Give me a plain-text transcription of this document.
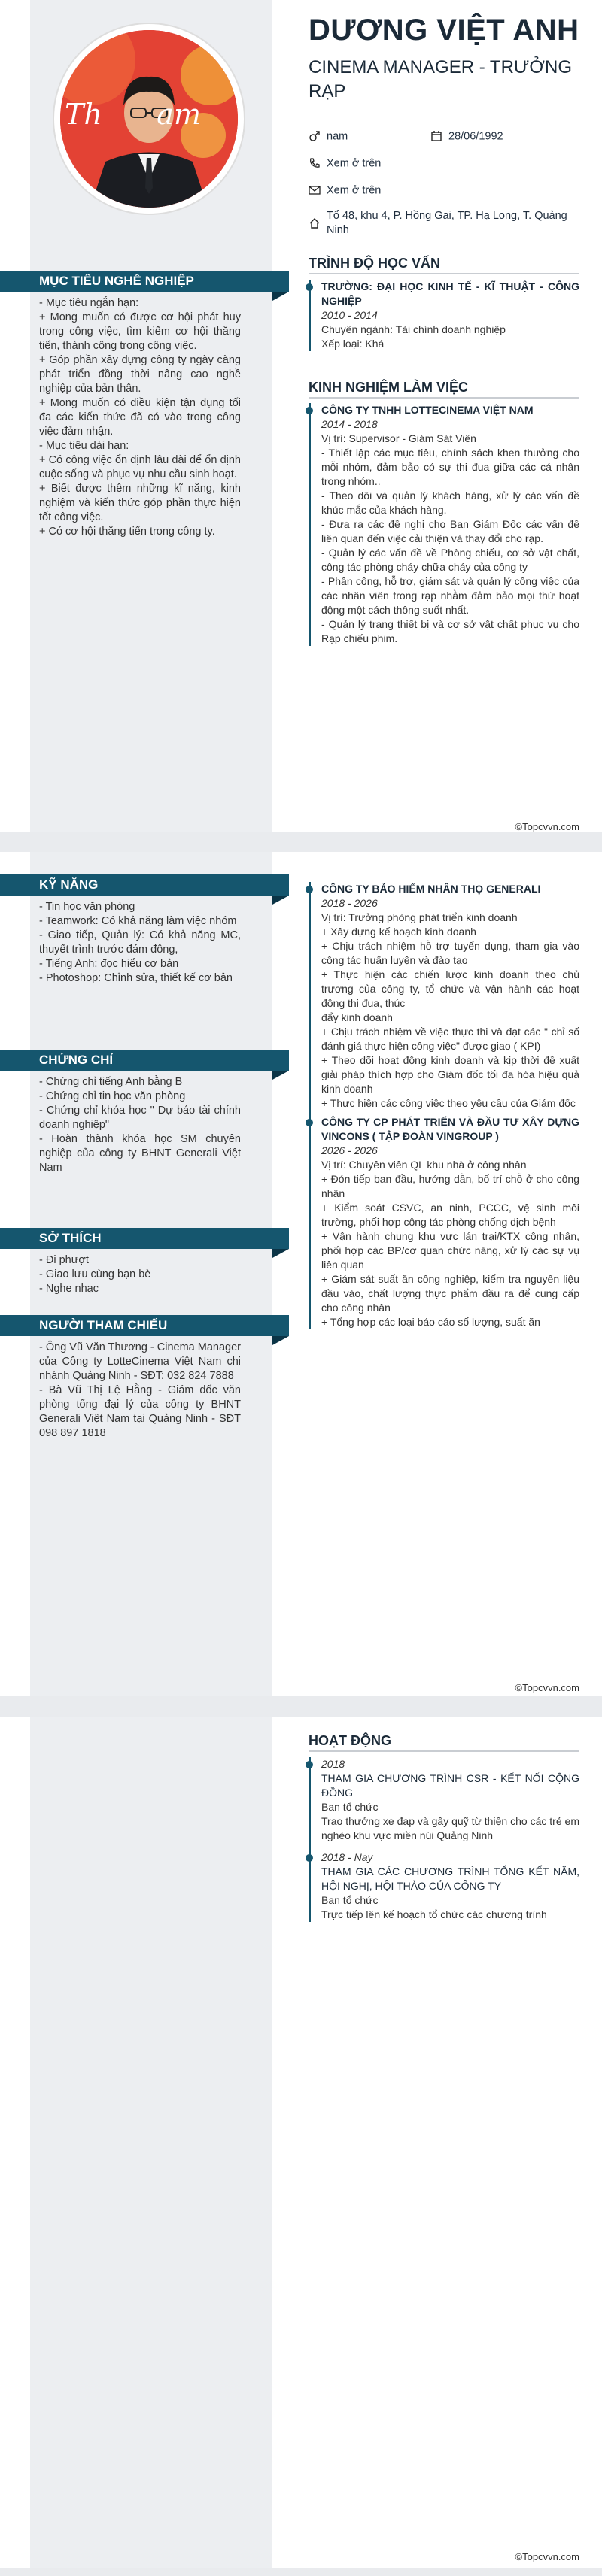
Th      am
DƯƠNG VIỆT ANH
CINEMA MANAGER - TRƯỞNG RẠP
nam	28/06/1992
Xem ở trên
Xem ở trên
Tổ 48, khu 4, P. Hồng Gai, TP. Hạ Long, T. Quảng Ninh
MỤC TIÊU NGHỀ NGHIỆP
- Mục tiêu ngắn hạn:
+ Mong muốn có được cơ hội phát huy trong công việc, tìm kiếm cơ hội thăng tiến, thành công trong công việc.
+ Góp phần xây dựng công ty ngày càng phát triển đồng thời nâng cao nghề nghiệp của bản thân.
+ Mong muốn có điều kiện tận dụng tối đa các kiến thức đã có vào trong công việc đảm nhận.
- Mục tiêu dài hạn:
+ Có công việc ổn định lâu dài để ổn định cuộc sống và phục vụ nhu cầu sinh hoạt.
+ Biết được thêm những kĩ năng, kinh nghiệm và kiến thức góp phần thực hiện tốt công việc.
+ Có cơ hội thăng tiến trong công ty.
TRÌNH ĐỘ HỌC VẤN
TRƯỜNG: ĐẠI HỌC KINH TẾ - KĨ THUẬT - CÔNG NGHIỆP
2010 - 2014
Chuyên ngành: Tài chính doanh nghiệp
Xếp loại: Khá
KINH NGHIỆM LÀM VIỆC
CÔNG TY TNHH LOTTECINEMA VIỆT NAM
2014 - 2018
Vị trí: Supervisor - Giám Sát Viên
- Thiết lập các mục tiêu, chính sách khen thưởng cho mỗi nhóm, đảm bảo có sự thi đua giữa các cá nhân trong nhóm..
- Theo dõi và quản lý khách hàng, xử lý các vấn đề khúc mắc của khách hàng.
- Đưa ra các đề nghị cho Ban Giám Đốc các vấn đề liên quan đến việc cải thiện và thay đổi cho rạp.
- Quản lý các vấn đề về Phòng chiếu, cơ sở vật chất, công tác phòng cháy chữa cháy của công ty
- Phân công, hỗ trợ, giám sát và quản lý công việc của các nhân viên trong rạp nhằm đảm bảo mọi thứ hoạt động một cách thông suốt nhất.
- Quản lý trang thiết bị và cơ sở vật chất phục vụ cho Rạp chiếu phim.
©Topcvvn.com
KỸ NĂNG
- Tin học văn phòng
- Teamwork: Có khả năng làm việc nhóm
- Giao tiếp, Quản lý: Có khả năng MC, thuyết trình trước đám đông,
- Tiếng Anh: đọc hiểu cơ bản
- Photoshop: Chỉnh sửa, thiết kế cơ bản
CHỨNG CHỈ
- Chứng chỉ tiếng Anh bằng B
- Chứng chỉ tin học văn phòng
- Chứng chỉ khóa học " Dự báo tài chính doanh nghiệp"
- Hoàn thành khóa học SM chuyên nghiệp của công ty BHNT Generali Việt Nam
SỞ THÍCH
- Đi phượt
- Giao lưu cùng bạn bè
- Nghe nhạc
NGƯỜI THAM CHIẾU
- Ông Vũ Văn Thương - Cinema Manager của Công ty LotteCinema Việt Nam chi nhánh Quảng Ninh - SĐT: 032 824 7888
- Bà Vũ Thị Lệ Hằng - Giám đốc văn phòng tổng đại lý của công ty BHNT Generali Việt Nam tại Quảng Ninh - SĐT 098 897 1818
CÔNG TY BẢO HIỂM NHÂN THỌ GENERALI
2018 - 2026
Vị trí: Trưởng phòng phát triển kinh doanh
+ Xây dựng kế hoạch kinh doanh
+ Chịu trách nhiệm hỗ trợ tuyển dụng, tham gia vào công tác huấn luyện và đào tạo
+ Thực hiện các chiến lược kinh doanh theo chủ trương của công ty, tổ chức và vận hành các hoạt động thi đua, thúc
đẩy kinh doanh
+ Chịu trách nhiệm về việc thực thi và đạt các " chỉ số đánh giá thực hiện công việc" được giao ( KPI)
+ Theo dõi hoạt động kinh doanh và kịp thời đề xuất giải pháp thích hợp cho Giám đốc tối đa hóa hiệu quả kinh doanh
+ Thực hiện các công việc theo yêu cầu của Giám đốc
CÔNG TY CP PHÁT TRIỂN VÀ ĐẦU TƯ XÂY DỰNG VINCONS ( TẬP ĐOÀN VINGROUP )
2026 - 2026
Vị trí: Chuyên viên QL khu nhà ở công nhân
+ Đón tiếp ban đầu, hướng dẫn, bố trí chỗ ở cho công nhân
+ Kiểm soát CSVC, an ninh, PCCC, vệ sinh môi trường, phối hợp công tác phòng chống dịch bệnh
+ Vận hành chung khu vực lán trại/KTX công nhân, phối hợp các BP/cơ quan chức năng, xử lý các sự vụ liên quan
+ Giám sát suất ăn công nghiệp, kiểm tra nguyên liệu đầu vào, chất lượng thực phẩm đầu ra để cung cấp cho công nhân
+ Tổng hợp các loại báo cáo số lượng, suất ăn
©Topcvvn.com
HOẠT ĐỘNG
2018
THAM GIA CHƯƠNG TRÌNH CSR - KẾT NỐI CỘNG ĐỒNG
Ban tổ chức
Trao thưởng xe đạp và gây quỹ từ thiện cho các trẻ em nghèo khu vực miền núi Quảng Ninh
2018 - Nay
THAM GIA CÁC CHƯƠNG TRÌNH TỔNG KẾT NĂM, HỘI NGHỊ, HỘI THẢO CỦA CÔNG TY
Ban tổ chức
Trực tiếp lên kế hoạch tổ chức các chương trình
©Topcvvn.com
